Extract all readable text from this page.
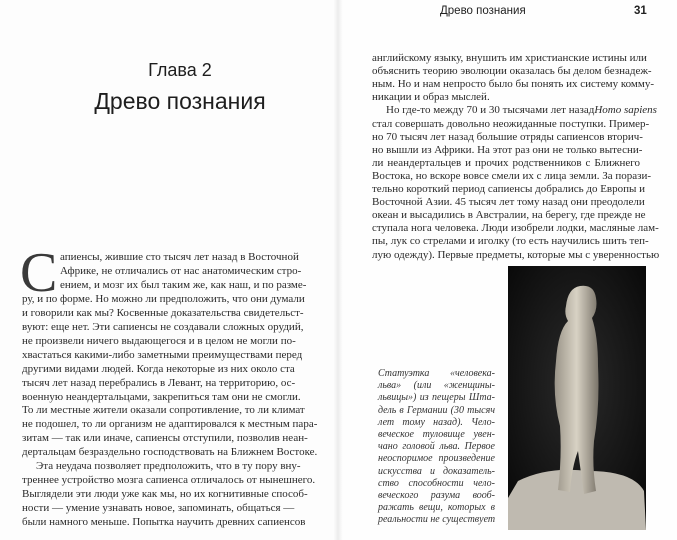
Глава 2
Древо познания
С
Древо познания	31
апиенсы, жившие сто тысяч лет назад в Восточной
Африке, не отличались от нас анатомическим стро-
ением, и мозг их был таким же, как наш, и по разме-
ру, и по форме. Но можно ли предположить, что они думали
и говорили как мы? Косвенные доказательства свидетельст-
вуют: еще нет. Эти сапиенсы не создавали сложных орудий,
не произвели ничего выдающегося и в целом не могли по-
хвастаться какими-либо заметными преимуществами перед
другими видами людей. Когда некоторые из них около ста
тысяч лет назад перебрались в Левант, на территорию, ос-
военную неандертальцами, закрепиться там они не смогли.
То ли местные жители оказали сопротивление, то ли климат
не подошел, то ли организм не адаптировался к местным пара-
зитам — так или иначе, сапиенсы отступили, позволив неан-
дертальцам безраздельно господствовать на Ближнем Востоке.
Эта неудача позволяет предположить, что в ту пору вну-
треннее устройство мозга сапиенса отличалось от нынешнего.
Выглядели эти люди уже как мы, но их когнитивные способ-
ности — умение узнавать новое, запоминать, общаться —
были намного меньше. Попытка научить древних сапиенсов
английскому языку, внушить им христианские истины или
объяснить теорию эволюции оказалась бы делом безнадеж-
ным. Но и нам непросто было бы понять их систему комму-
никации и образ мыслей.
Но где-то между 70 и 30 тысячами лет назадHomo sapiens
стал совершать довольно неожиданные поступки. Пример-
но 70 тысяч лет назад большие отряды сапиенсов вторич-
но вышли из Африки. На этот раз они не только вытесни-
ли неандертальцев и прочих родственников с Ближнего
Востока, но вскоре вовсе смели их с лица земли. За порази-
тельно короткий период сапиенсы добрались до Европы и
Восточной Азии. 45 тысяч лет тому назад они преодолели
океан и высадились в Австралии, на берегу, где прежде не
ступала нога человека. Люди изобрели лодки, масляные лам-
пы, лук со стрелами и иголку (то есть научились шить теп-
лую одежду). Первые предметы, которые мы с уверенностью
Статуэтка «человека-
льва» (или «женщины-
львицы») из пещеры Шта-
дель в Германии (30 тысяч
лет тому назад). Чело-
веческое туловище увен-
чано головой льва. Первое
неоспоримое произведение
искусства и доказатель-
ство способности чело-
веческого разума вооб-
ражать вещи, которых в
реальности не существует
